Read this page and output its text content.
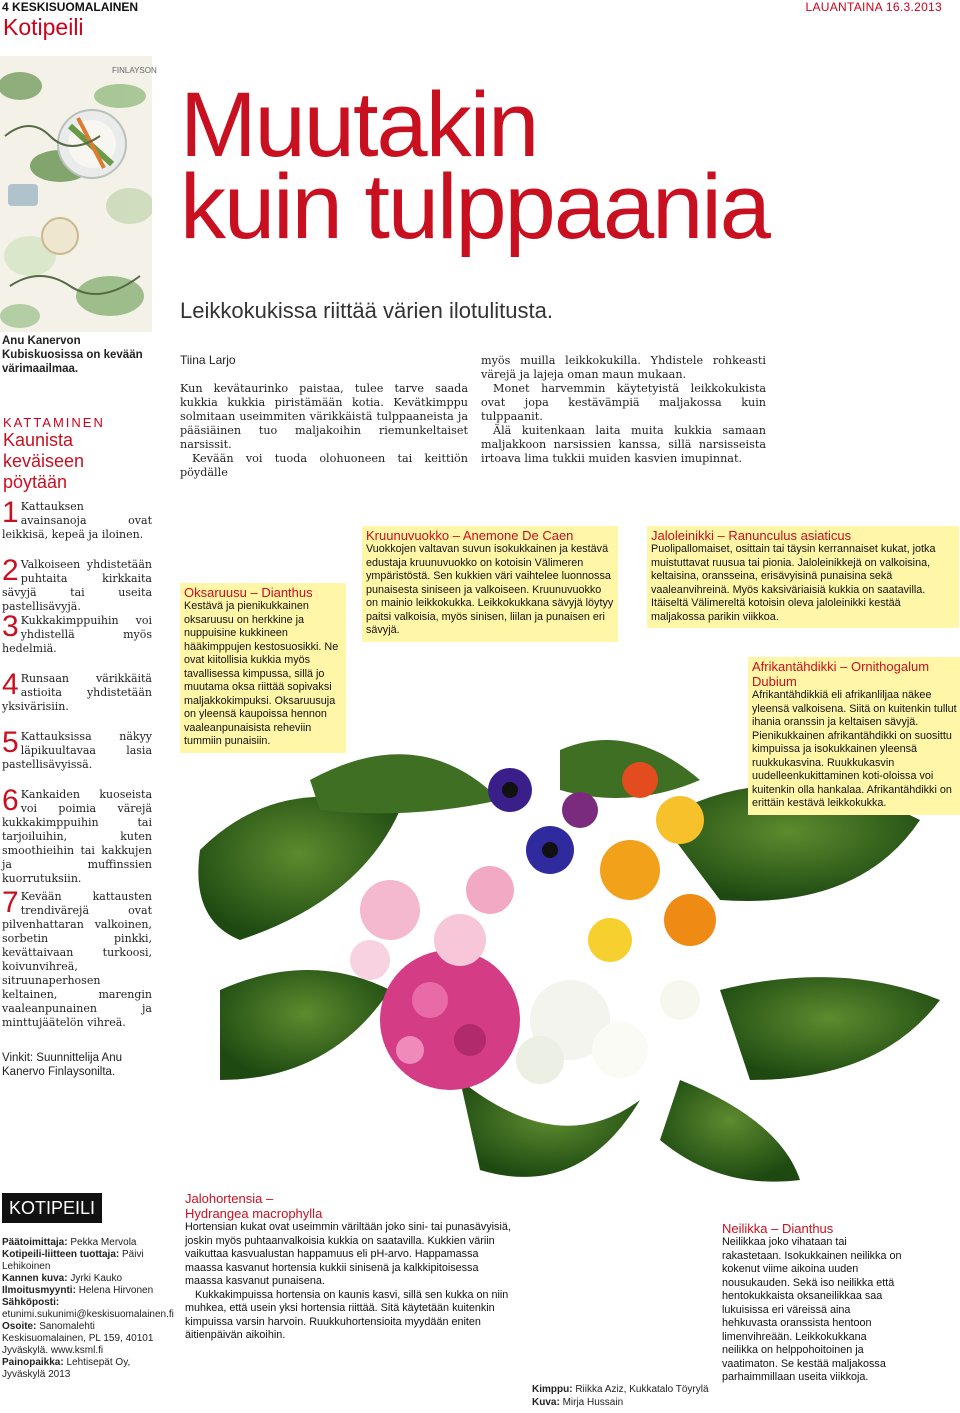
4 KESKISUOMALAINEN	LAUANTAINA 16.3.2013
Kotipeili
FINLAYSON
Muutakin
kuin tulppaania
Leikkokukissa riittää värien ilotulitusta.
Tiina Larjo

Kun kevätaurinko paistaa, tulee tarve saada kukkia kukkia piristämään kotia. Kevätkimppu solmitaan useimmiten värikkäistä tulppaaneista ja pääsiäinen tuo maljakoihin riemunkeltaiset narsissit.

Kevään voi tuoda olohuoneen tai keittiön pöydälle

myös muilla leikkokukilla. Yhdistele rohkeasti värejä ja lajeja oman maun mukaan.

Monet harvemmin käytetyistä leikkokukista ovat jopa kestävämpiä maljakossa kuin tulppaanit.

Älä kuitenkaan laita muita kukkia samaan maljakkoon narsissien kanssa, sillä narsisseista irtoava lima tukkii muiden kasvien imupinnat.

Anu Kanervon Kubiskuosissa on kevään värimaailmaa.
KATTAMINEN
Kaunista keväiseen pöytään
1 Kattauksen avainsanoja ovat leikkisä, kepeä ja iloinen.
2 Valkoiseen yhdistetään puhtaita kirkkaita sävyjä tai useita pastellisävyjä.
3 Kukkakimppuihin voi yhdistellä myös hedelmiä.
4 Runsaan värikkäitä astioita yhdistetään yksivärisiin.
5 Kattauksissa näkyy läpikuultavaa lasia pastellisävyissä.
6 Kankaiden kuoseista voi poimia värejä kukkakimppuihin tai tarjoiluihin, kuten smoothieihin tai kakkujen ja muffinssien kuorrutuksiin.
7 Kevään kattausten trendivärejä ovat pilvenhattaran valkoinen, sorbetin pinkki, kevättaivaan turkoosi, koivunvihreä, sitruunaperhosen keltainen, marengin vaaleanpunainen ja minttujäätelön vihreä.
Vinkit: Suunnittelija Anu Kanervo Finlaysonilta.
Oksaruusu – Dianthus
Kestävä ja pienikukkainen oksaruusu on herkkine ja nuppuisine kukkineen hääkimppujen kestosuosikki. Ne ovat kiitollisia kukkia myös tavallisessa kimpussa, sillä jo muutama oksa riittää sopivaksi maljakkokimpuksi. Oksaruusuja on yleensä kaupoissa hennon vaaleanpunaisista reheviin tummiin punaisiin.
Kruunuvuokko – Anemone De Caen
Vuokkojen valtavan suvun isokukkainen ja kestävä edustaja kruunuvuokko on kotoisin Välimeren ympäristöstä. Sen kukkien väri vaihtelee luonnossa punaisesta siniseen ja valkoiseen. Kruunuvuokko on mainio leikkokukka. Leikkokukkana sävyjä löytyy paitsi valkoisia, myös sinisen, liilan ja punaisen eri sävyjä.
Jaloleinikki – Ranunculus asiaticus
Puolipallomaiset, osittain tai täysin kerrannaiset kukat, jotka muistuttavat ruusua tai pioniа. Jaloleinikkejä on valkoisina, keltaisina, oransseina, erisävyisinä punaisina sekä vaaleanvihreinä. Myös kaksiväriaisiä kukkia on saatavilla. Itäiseltä Välimereltä kotoisin oleva jaloleinikki kestää maljakossa parikin viikkoa.
Afrikantähdikki – Ornithogalum Dubium
Afrikantähdikkiä eli afrikanliljaa näkee yleensä valkoisena. Siitä on kuitenkin tullut ihania oranssin ja keltaisen sävyjä. Pienikukkainen afrikantähdikki on suosittu kimpuissa ja isokukkainen yleensä ruukkukasvina. Ruukkukasvin uudelleenkukittaminen koti-oloissa voi kuitenkin olla hankalaa. Afrikantähdikki on erittäin kestävä leikkokukka.
Jalohortensia –
Hydrangea macrophylla
Hortensian kukat ovat useimmin väriltään joko sini- tai punasävyisiä, joskin myös puhtaanvalkoisia kukkia on saatavilla. Kukkien väriin vaikuttaa kasvualustan happamuus eli pH-arvo. Happamassa maassa kasvanut hortensia kukkii sinisenä ja kalkkipitoisessa maassa kasvanut punaisena.
Kukkakimpuissa hortensia on kaunis kasvi, sillä sen kukka on niin muhkea, että usein yksi hortensia riittää. Sitä käytetään kuitenkin kimpuissa varsin harvoin. Ruukkuhortensioita myydään eniten äitienpäivän aikoihin.
Neilikka – Dianthus
Neilikkaa joko vihataan tai rakastetaan. Isokukkainen neilikka on kokenut viime aikoina uuden nousukauden. Sekä iso neilikka että hentokukkaista oksaneilikkaa saa lukuisissa eri väreissä aina hehkuvasta oranssista hentoon limenvihreään. Leikkokukkana neilikka on helppohoitoinen ja vaatimaton. Se kestää maljakossa parhaimmillaan useita viikkoja.
KOTIPEILI
Päätoimittaja: Pekka Mervola
Kotipeili-liitteen tuottaja: Päivi Lehikoinen
Kannen kuva: Jyrki Kauko
Ilmoitusmyynti: Helena Hirvonen
Sähköposti: etunimi.sukunimi@keskisuomalainen.fi
Osoite: Sanomalehti Keskisuomalainen, PL 159, 40101 Jyväskylä. www.ksml.fi
Painopaikka: Lehtisepät Oy, Jyväskylä 2013
Kimppu: Riikka Aziz, Kukkatalo Töyrylä
Kuva: Mirja Hussain
